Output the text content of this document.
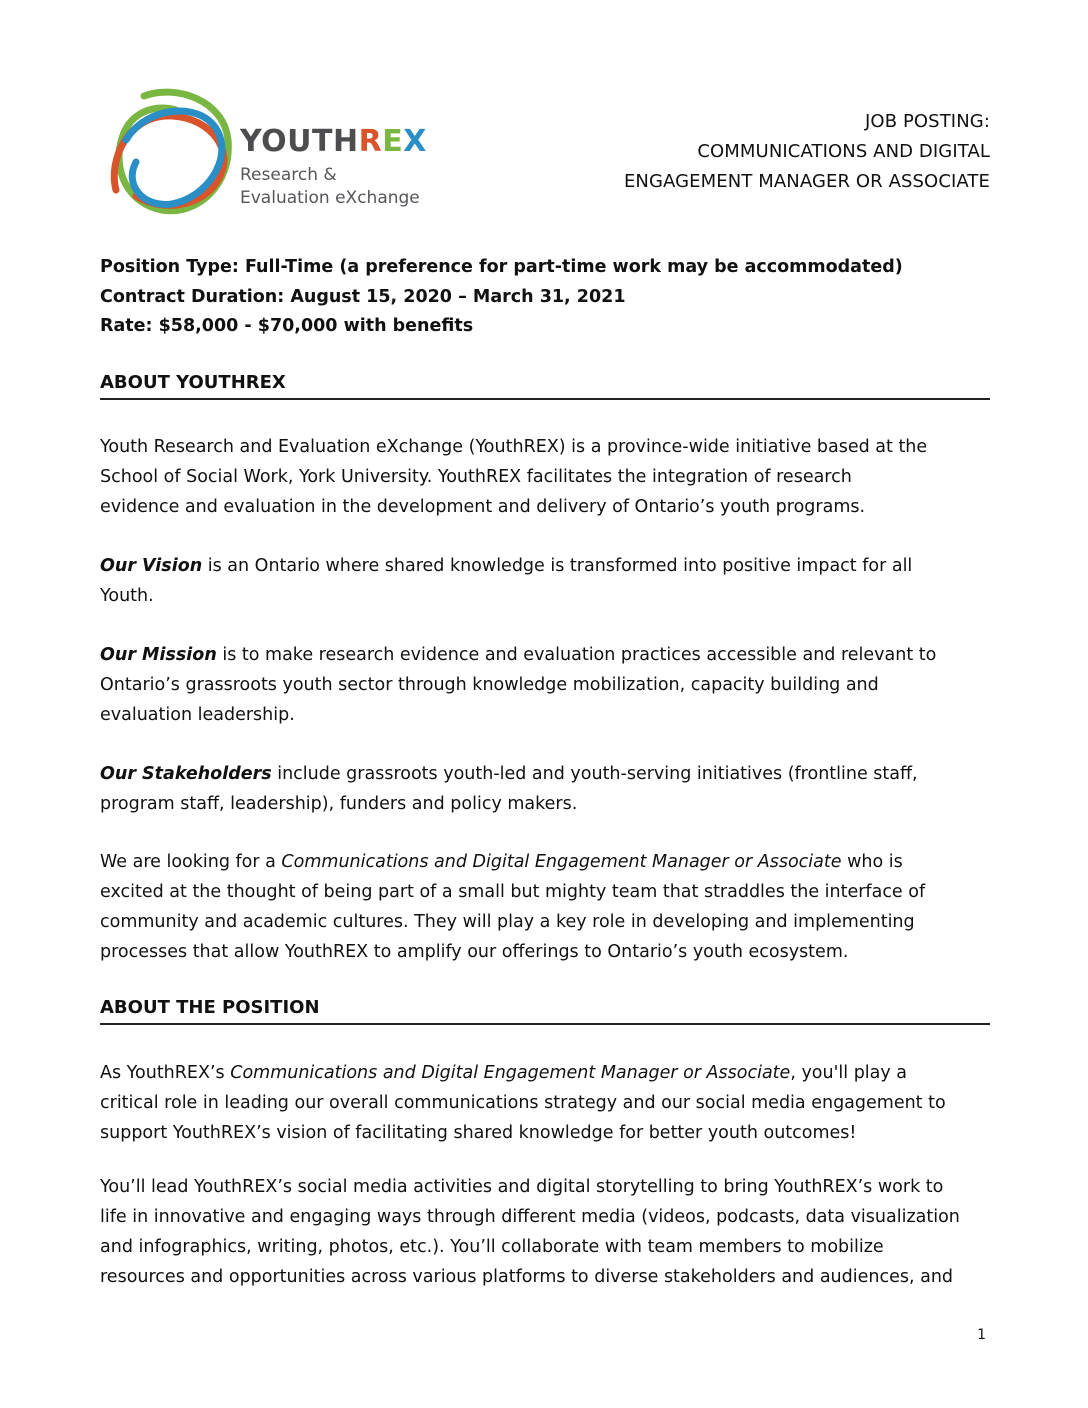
YOUTHREX
Research &
Evaluation eXchange
JOB POSTING:
COMMUNICATIONS AND DIGITAL
ENGAGEMENT MANAGER OR ASSOCIATE
Position Type: Full-Time (a preference for part-time work may be accommodated)
Contract Duration: August 15, 2020 – March 31, 2021
Rate: $58,000 - $70,000 with benefits
ABOUT YOUTHREX
Youth Research and Evaluation eXchange (YouthREX) is a province-wide initiative based at the
School of Social Work, York University. YouthREX facilitates the integration of research
evidence and evaluation in the development and delivery of Ontario’s youth programs.
Our Vision is an Ontario where shared knowledge is transformed into positive impact for all
Youth.
Our Mission is to make research evidence and evaluation practices accessible and relevant to
Ontario’s grassroots youth sector through knowledge mobilization, capacity building and
evaluation leadership.
Our Stakeholders include grassroots youth-led and youth-serving initiatives (frontline staff,
program staff, leadership), funders and policy makers.
We are looking for a Communications and Digital Engagement Manager or Associate who is
excited at the thought of being part of a small but mighty team that straddles the interface of
community and academic cultures. They will play a key role in developing and implementing
processes that allow YouthREX to amplify our offerings to Ontario’s youth ecosystem.
ABOUT THE POSITION
As YouthREX’s Communications and Digital Engagement Manager or Associate, you'll play a
critical role in leading our overall communications strategy and our social media engagement to
support YouthREX’s vision of facilitating shared knowledge for better youth outcomes!
You’ll lead YouthREX’s social media activities and digital storytelling to bring YouthREX’s work to
life in innovative and engaging ways through different media (videos, podcasts, data visualization
and infographics, writing, photos, etc.). You’ll collaborate with team members to mobilize
resources and opportunities across various platforms to diverse stakeholders and audiences, and
1
